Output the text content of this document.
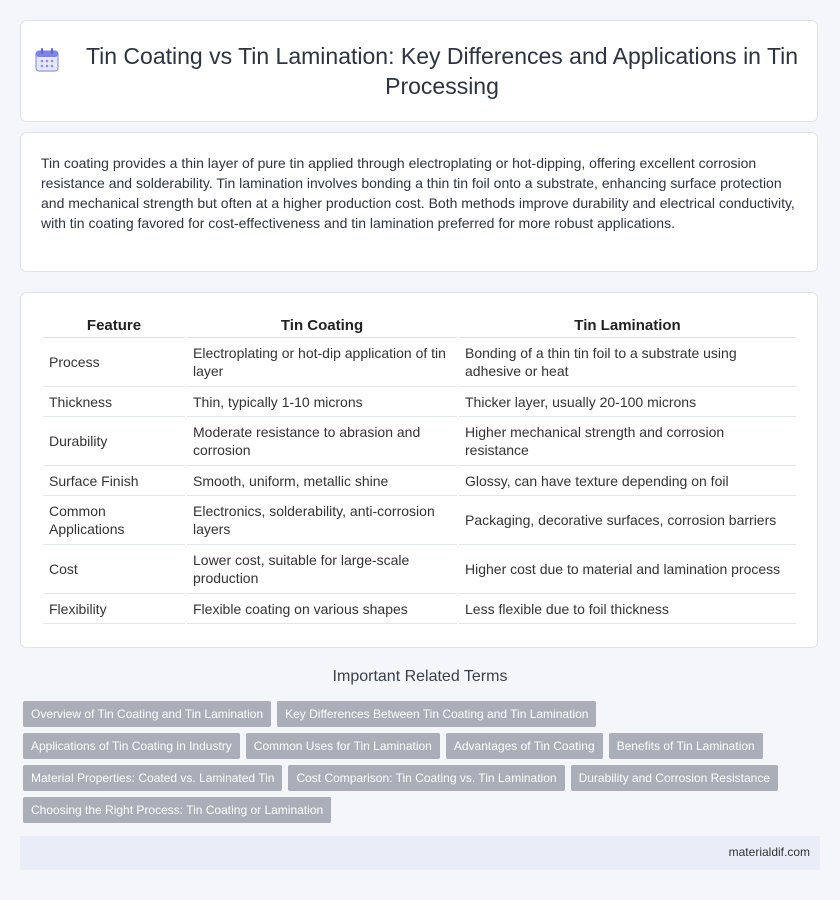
Tin Coating vs Tin Lamination: Key Differences and Applications in Tin Processing

Tin coating provides a thin layer of pure tin applied through electroplating or hot-dipping, offering excellent corrosion resistance and solderability. Tin lamination involves bonding a thin tin foil onto a substrate, enhancing surface protection and mechanical strength but often at a higher production cost. Both methods improve durability and electrical conductivity, with tin coating favored for cost-effectiveness and tin lamination preferred for more robust applications.

Feature	Tin Coating	Tin Lamination
Process	Electroplating or hot-dip application of tin layer	Bonding of a thin tin foil to a substrate using adhesive or heat
Thickness	Thin, typically 1-10 microns	Thicker layer, usually 20-100 microns
Durability	Moderate resistance to abrasion and corrosion	Higher mechanical strength and corrosion resistance
Surface Finish	Smooth, uniform, metallic shine	Glossy, can have texture depending on foil
Common Applications	Electronics, solderability, anti-corrosion layers	Packaging, decorative surfaces, corrosion barriers
Cost	Lower cost, suitable for large-scale production	Higher cost due to material and lamination process
Flexibility	Flexible coating on various shapes	Less flexible due to foil thickness
Important Related Terms
Overview of Tin Coating and Tin Lamination	Key Differences Between Tin Coating and Tin Lamination
Applications of Tin Coating in Industry	Common Uses for Tin Lamination	Advantages of Tin Coating	Benefits of Tin Lamination
Material Properties: Coated vs. Laminated Tin	Cost Comparison: Tin Coating vs. Tin Lamination	Durability and Corrosion Resistance
Choosing the Right Process: Tin Coating or Lamination
materialdif.com
